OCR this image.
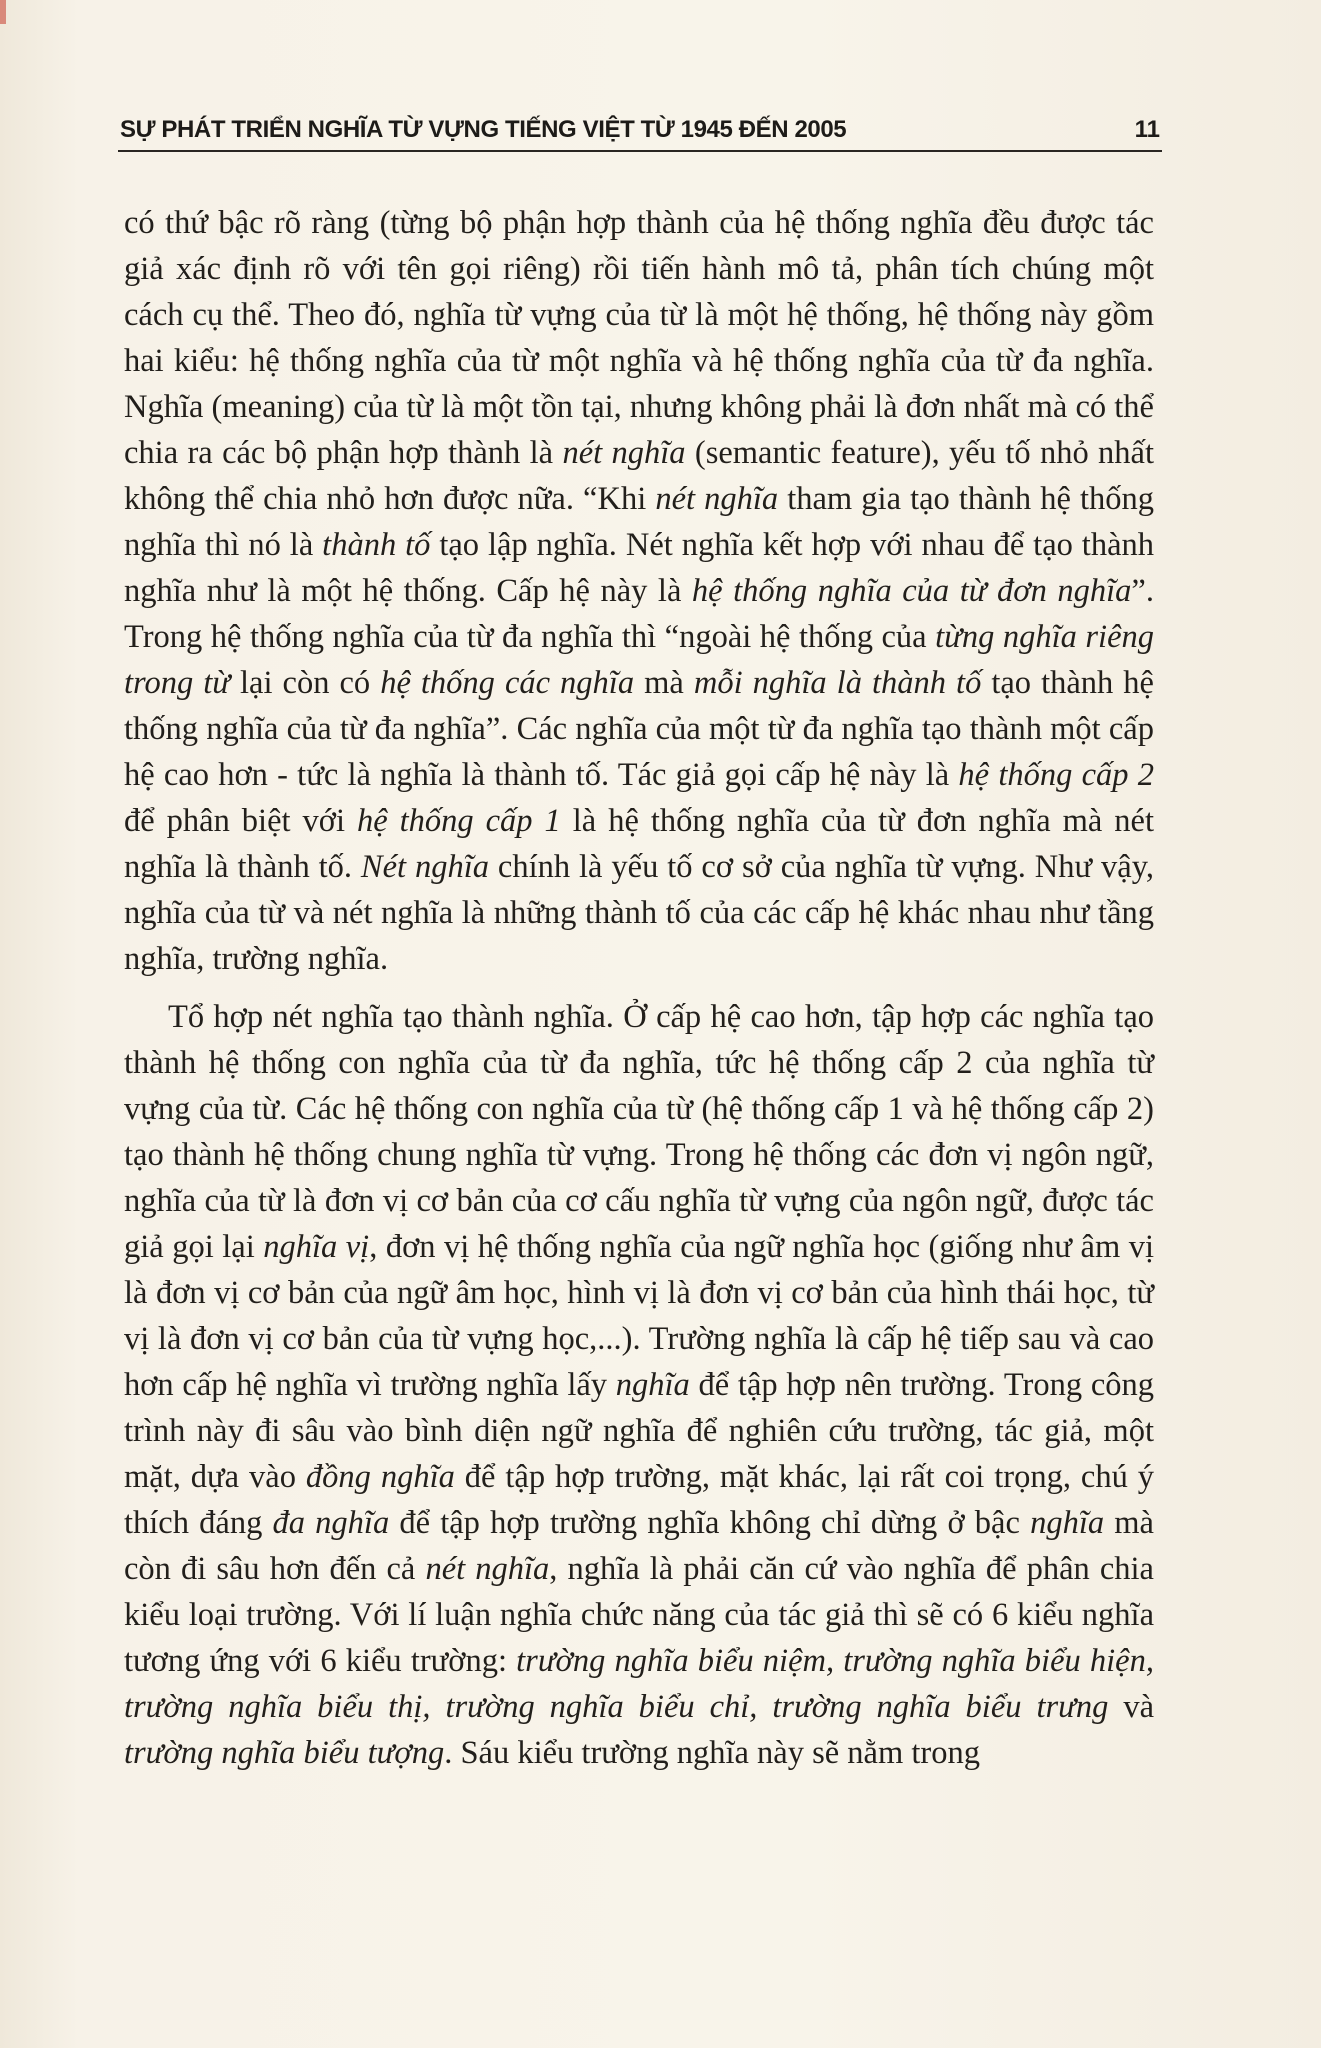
SỰ PHÁT TRIỂN NGHĨA TỪ VỰNG TIẾNG VIỆT TỪ 1945 ĐẾN 2005	11

có thứ bậc rõ ràng (từng bộ phận hợp thành của hệ thống nghĩa đều được tác giả xác định rõ với tên gọi riêng) rồi tiến hành mô tả, phân tích chúng một cách cụ thể. Theo đó, nghĩa từ vựng của từ là một hệ thống, hệ thống này gồm hai kiểu: hệ thống nghĩa của từ một nghĩa và hệ thống nghĩa của từ đa nghĩa. Nghĩa (meaning) của từ là một tồn tại, nhưng không phải là đơn nhất mà có thể chia ra các bộ phận hợp thành là nét nghĩa (semantic feature), yếu tố nhỏ nhất không thể chia nhỏ hơn được nữa. “Khi nét nghĩa tham gia tạo thành hệ thống nghĩa thì nó là thành tố tạo lập nghĩa. Nét nghĩa kết hợp với nhau để tạo thành nghĩa như là một hệ thống. Cấp hệ này là hệ thống nghĩa của từ đơn nghĩa”. Trong hệ thống nghĩa của từ đa nghĩa thì “ngoài hệ thống của từng nghĩa riêng trong từ lại còn có hệ thống các nghĩa mà mỗi nghĩa là thành tố tạo thành hệ thống nghĩa của từ đa nghĩa”. Các nghĩa của một từ đa nghĩa tạo thành một cấp hệ cao hơn - tức là nghĩa là thành tố. Tác giả gọi cấp hệ này là hệ thống cấp 2 để phân biệt với hệ thống cấp 1 là hệ thống nghĩa của từ đơn nghĩa mà nét nghĩa là thành tố. Nét nghĩa chính là yếu tố cơ sở của nghĩa từ vựng. Như vậy, nghĩa của từ và nét nghĩa là những thành tố của các cấp hệ khác nhau như tầng nghĩa, trường nghĩa.

Tổ hợp nét nghĩa tạo thành nghĩa. Ở cấp hệ cao hơn, tập hợp các nghĩa tạo thành hệ thống con nghĩa của từ đa nghĩa, tức hệ thống cấp 2 của nghĩa từ vựng của từ. Các hệ thống con nghĩa của từ (hệ thống cấp 1 và hệ thống cấp 2) tạo thành hệ thống chung nghĩa từ vựng. Trong hệ thống các đơn vị ngôn ngữ, nghĩa của từ là đơn vị cơ bản của cơ cấu nghĩa từ vựng của ngôn ngữ, được tác giả gọi lại nghĩa vị, đơn vị hệ thống nghĩa của ngữ nghĩa học (giống như âm vị là đơn vị cơ bản của ngữ âm học, hình vị là đơn vị cơ bản của hình thái học, từ vị là đơn vị cơ bản của từ vựng học,...). Trường nghĩa là cấp hệ tiếp sau và cao hơn cấp hệ nghĩa vì trường nghĩa lấy nghĩa để tập hợp nên trường. Trong công trình này đi sâu vào bình diện ngữ nghĩa để nghiên cứu trường, tác giả, một mặt, dựa vào đồng nghĩa để tập hợp trường, mặt khác, lại rất coi trọng, chú ý thích đáng đa nghĩa để tập hợp trường nghĩa không chỉ dừng ở bậc nghĩa mà còn đi sâu hơn đến cả nét nghĩa, nghĩa là phải căn cứ vào nghĩa để phân chia kiểu loại trường. Với lí luận nghĩa chức năng của tác giả thì sẽ có 6 kiểu nghĩa tương ứng với 6 kiểu trường: trường nghĩa biểu niệm, trường nghĩa biểu hiện, trường nghĩa biểu thị, trường nghĩa biểu chỉ, trường nghĩa biểu trưng và trường nghĩa biểu tượng. Sáu kiểu trường nghĩa này sẽ nằm trong
